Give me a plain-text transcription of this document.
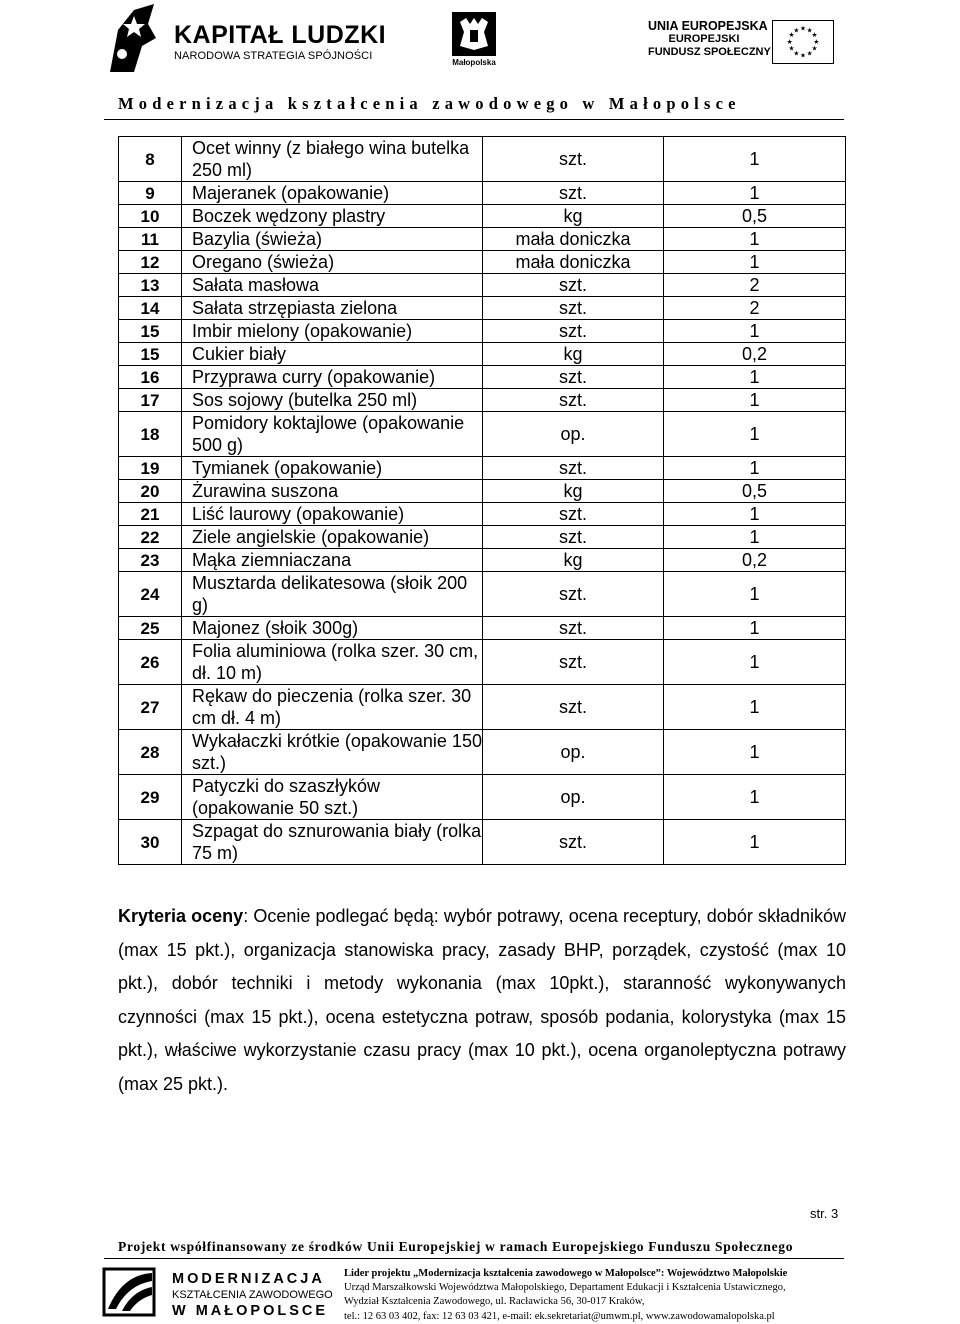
KAPITAŁ LUDZKI
NARODOWA STRATEGIA SPÓJNOŚCI
Małopolska
UNIA EUROPEJSKA
EUROPEJSKI
FUNDUSZ SPOŁECZNY
★ ★
★
★
★
★
★
★
★
★
★
★
Modernizacja kształcenia zawodowego w Małopolsce
8	Ocet winny (z białego wina butelka 250 ml)	szt.	1
9	Majeranek (opakowanie)	szt.	1
10	Boczek wędzony plastry	kg	0,5
11	Bazylia (świeża)	mała doniczka	1
12	Oregano (świeża)	mała doniczka	1
13	Sałata masłowa	szt.	2
14	Sałata strzępiasta zielona	szt.	2
15	Imbir mielony (opakowanie)	szt.	1
15	Cukier biały	kg	0,2
16	Przyprawa curry (opakowanie)	szt.	1
17	Sos sojowy (butelka 250 ml)	szt.	1
18	Pomidory koktajlowe (opakowanie 500 g)	op.	1
19	Tymianek (opakowanie)	szt.	1
20	Żurawina suszona	kg	0,5
21	Liść laurowy (opakowanie)	szt.	1
22	Ziele angielskie (opakowanie)	szt.	1
23	Mąka ziemniaczana	kg	0,2
24	Musztarda delikatesowa (słoik 200 g)	szt.	1
25	Majonez (słoik 300g)	szt.	1
26	Folia aluminiowa (rolka szer. 30 cm, dł. 10 m)	szt.	1
27	Rękaw do pieczenia (rolka szer. 30 cm dł. 4 m)	szt.	1
28	Wykałaczki krótkie (opakowanie 150 szt.)	op.	1
29	Patyczki do szaszłyków (opakowanie 50 szt.)	op.	1
30	Szpagat do sznurowania biały (rolka 75 m)	szt.	1
Kryteria oceny: Ocenie podlegać będą: wybór potrawy, ocena receptury, dobór składników (max 15 pkt.), organizacja stanowiska pracy, zasady BHP, porządek, czystość (max 10 pkt.), dobór techniki i metody wykonania (max 10pkt.), staranność wykonywanych czynności (max 15 pkt.), ocena estetyczna potraw, sposób podania, kolorystyka (max 15 pkt.), właściwe wykorzystanie czasu pracy (max 10 pkt.), ocena organoleptyczna potrawy (max 25 pkt.).
str. 3
Projekt współfinansowany ze środków Unii Europejskiej w ramach Europejskiego Funduszu Społecznego
MODERNIZACJA
KSZTAŁCENIA ZAWODOWEGO
W MAŁOPOLSCE
Lider projektu „Modernizacja kształcenia zawodowego w Małopolsce”: Województwo Małopolskie
Urząd Marszałkowski Województwa Małopolskiego, Departament Edukacji i Kształcenia Ustawicznego,
Wydział Kształcenia Zawodowego, ul. Racławicka 56, 30-017 Kraków,
tel.: 12 63 03 402, fax: 12 63 03 421, e-mail: ek.sekretariat@umwm.pl, www.zawodowamalopolska.pl
